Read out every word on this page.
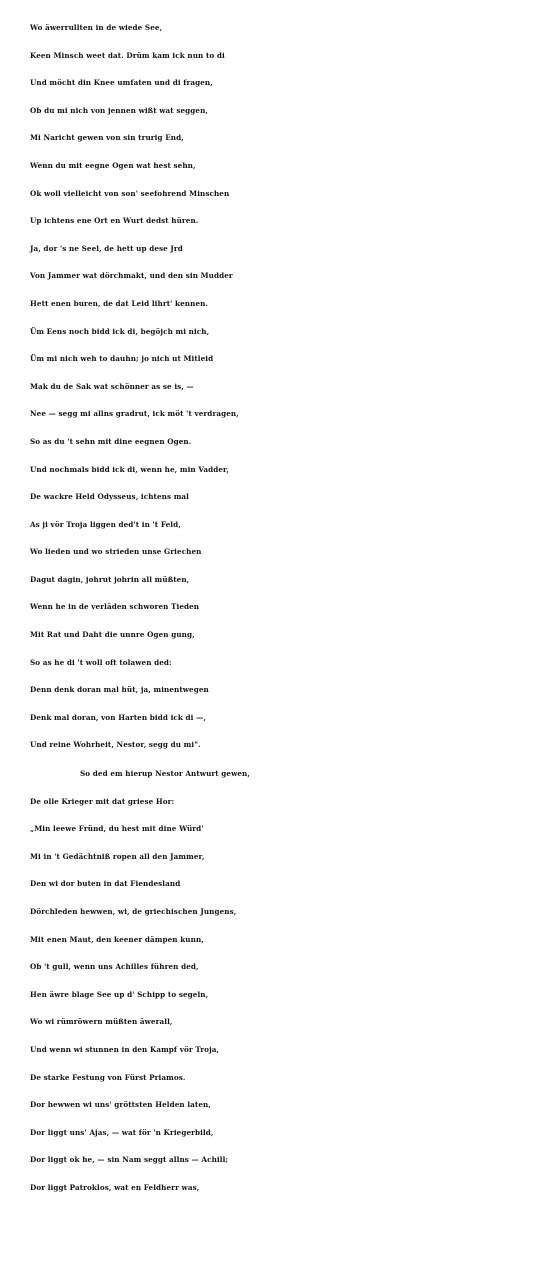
Wo äwerrullten in de wiede See,
Keen Minsch weet dat. Drüm kam ick nun to di
Und möcht din Knee umfaten und di fragen,
Ob du mi nich von jennen wißt wat seggen,
Mi Naricht gewen von sin trurig End,
Wenn du mit eegne Ogen wat hest sehn,
Ok woll vielleicht von son' seefohrend Minschen
Up ichtens ene Ort en Wurt dedst hüren.
Ja, dor 's ne Seel, de hett up dese Jrd
Von Jammer wat dörchmakt, und den sin Mudder
Hett enen buren, de dat Leid lihrt' kennen.
Üm Eens noch bidd ick di, begöjch mi nich,
Üm mi nich weh to dauhn; jo nich ut Mitleid
Mak du de Sak wat schönner as se is, —
Nee — segg mi allns gradrut, ick möt 't verdragen,
So as du 't sehn mit dine eegnen Ogen.
Und nochmals bidd ick di, wenn he, min Vadder,
De wackre Held Odysseus, ichtens mal
As ji vör Troja liggen ded't in 't Feld,
Wo lieden und wo strieden unse Griechen
Dagut dagin, johrut johrin all müßten,
Wenn he in de verläden schworen Tieden
Mit Rat und Daht die unnre Ogen gung,
So as he di 't woll oft tolawen ded:
Denn denk doran mal hüt, ja, minentwegen
Denk mal doran, von Harten bidd ick di —,
Und reine Wohrheit, Nestor, segg du mi".
So ded em hierup Nestor Antwurt gewen,
De olle Krieger mit dat griese Hor:
„Min leewe Fründ, du hest mit dine Würd'
Mi in 't Gedächtniß ropen all den Jammer,
Den wi dor buten in dat Fiendesland
Dörchleden hewwen, wi, de griechischen Jungens,
Mit enen Maut, den keener dämpen kunn,
Ob 't gull, wenn uns Achilles führen ded,
Hen äwre blage See up d' Schipp to segeln,
Wo wi rümröwern müßten äwerall,
Und wenn wi stunnen in den Kampf vör Troja,
De starke Festung von Fürst Priamos.
Dor hewwen wi uns' gröttsten Helden laten,
Dor liggt uns' Ajas, — wat för 'n Kriegerbild,
Dor liggt ok he, — sin Nam seggt allns — Achill;
Dor liggt Patroklos, wat en Feldherr was,
